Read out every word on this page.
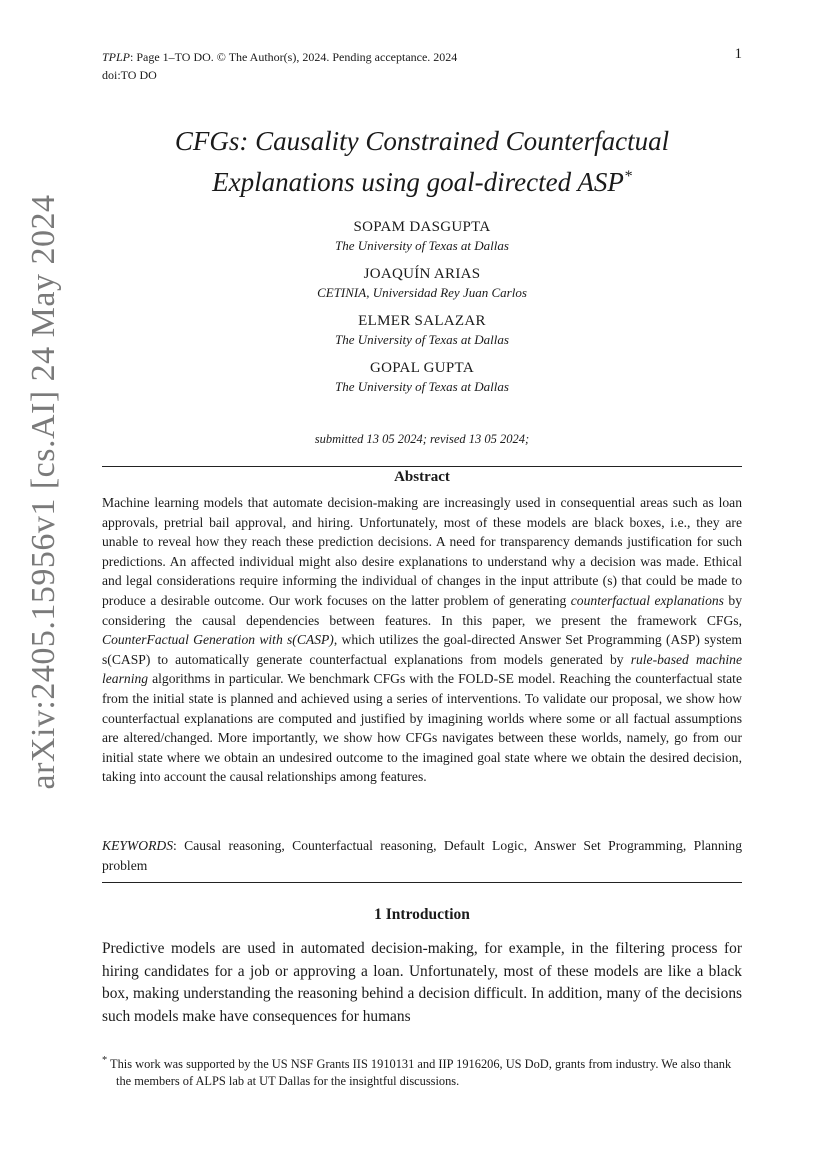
arXiv:2405.15956v1 [cs.AI] 24 May 2024
TPLP: Page 1–TO DO. © The Author(s), 2024. Pending acceptance. 2024
doi:TO DO
1
CFGs: Causality Constrained Counterfactual
Explanations using goal-directed ASP*
SOPAM DASGUPTA
The University of Texas at Dallas
JOAQUÍN ARIAS
CETINIA, Universidad Rey Juan Carlos
ELMER SALAZAR
The University of Texas at Dallas
GOPAL GUPTA
The University of Texas at Dallas
submitted 13 05 2024; revised 13 05 2024;
Abstract
Machine learning models that automate decision-making are increasingly used in consequential areas such as loan approvals, pretrial bail approval, and hiring. Unfortunately, most of these models are black boxes, i.e., they are unable to reveal how they reach these prediction decisions. A need for transparency demands justification for such predictions. An affected individual might also desire explanations to understand why a decision was made. Ethical and legal considerations require informing the individual of changes in the input attribute (s) that could be made to produce a desirable outcome. Our work focuses on the latter problem of generating counterfactual explanations by considering the causal dependencies between features. In this paper, we present the framework CFGs, CounterFactual Generation with s(CASP), which utilizes the goal-directed Answer Set Programming (ASP) system s(CASP) to automatically generate counterfactual explanations from models generated by rule-based machine learning algorithms in particular. We benchmark CFGs with the FOLD-SE model. Reaching the counterfactual state from the initial state is planned and achieved using a series of interventions. To validate our proposal, we show how counterfactual explanations are computed and justified by imagining worlds where some or all factual assumptions are altered/changed. More importantly, we show how CFGs navigates between these worlds, namely, go from our initial state where we obtain an undesired outcome to the imagined goal state where we obtain the desired decision, taking into account the causal relationships among features.
KEYWORDS: Causal reasoning, Counterfactual reasoning, Default Logic, Answer Set Programming, Planning problem
1 Introduction
Predictive models are used in automated decision-making, for example, in the filtering process for hiring candidates for a job or approving a loan. Unfortunately, most of these models are like a black box, making understanding the reasoning behind a decision difficult. In addition, many of the decisions such models make have consequences for humans
* This work was supported by the US NSF Grants IIS 1910131 and IIP 1916206, US DoD, grants from industry. We also thank the members of ALPS lab at UT Dallas for the insightful discussions.
